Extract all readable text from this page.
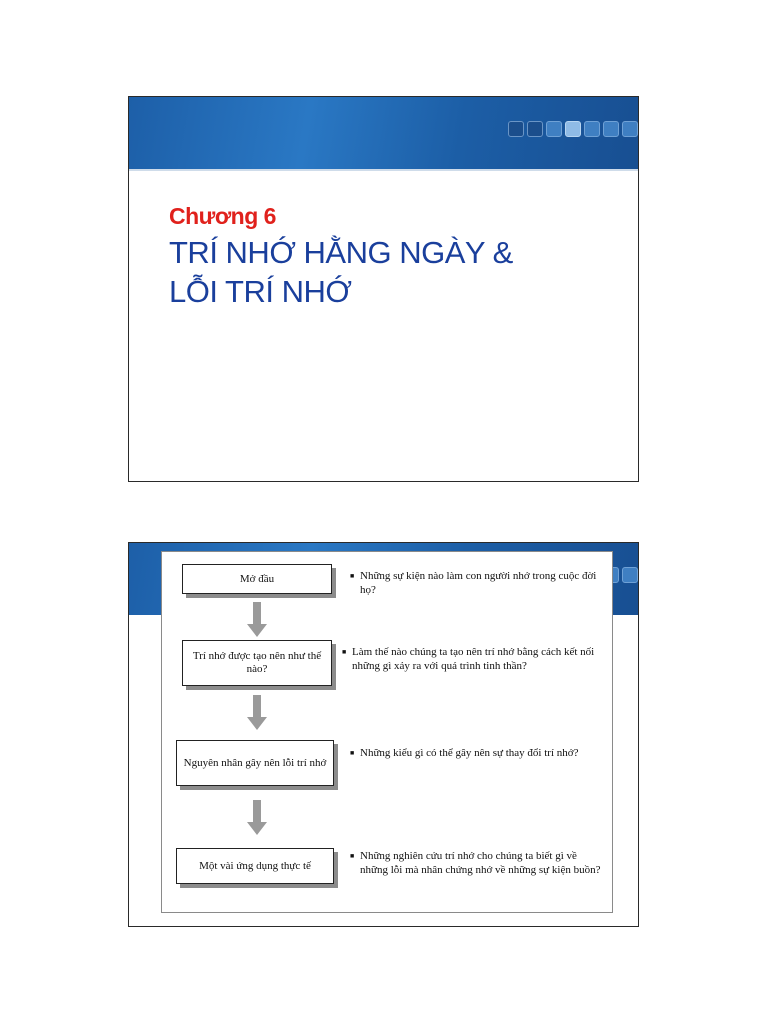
Chương 6
TRÍ NHỚ HẰNG NGÀY &
LỖI TRÍ NHỚ
Mở đầu	■ Những sự kiện nào làm con người nhớ trong cuộc đời họ?
Trí nhớ được tạo nên như thế nào?
■ Làm thế nào chúng ta tạo nên trí nhớ bằng cách kết nối những gì xảy ra với quá trình tinh thần?
Nguyên nhân gây nên lỗi trí nhớ
■ Những kiểu gì có thể gây nên sự thay đổi trí nhớ?
Một vài ứng dụng thực tế
■ Những nghiên cứu trí nhớ cho chúng ta biết gì về những lỗi mà nhân chứng nhớ về những sự kiện buồn?
